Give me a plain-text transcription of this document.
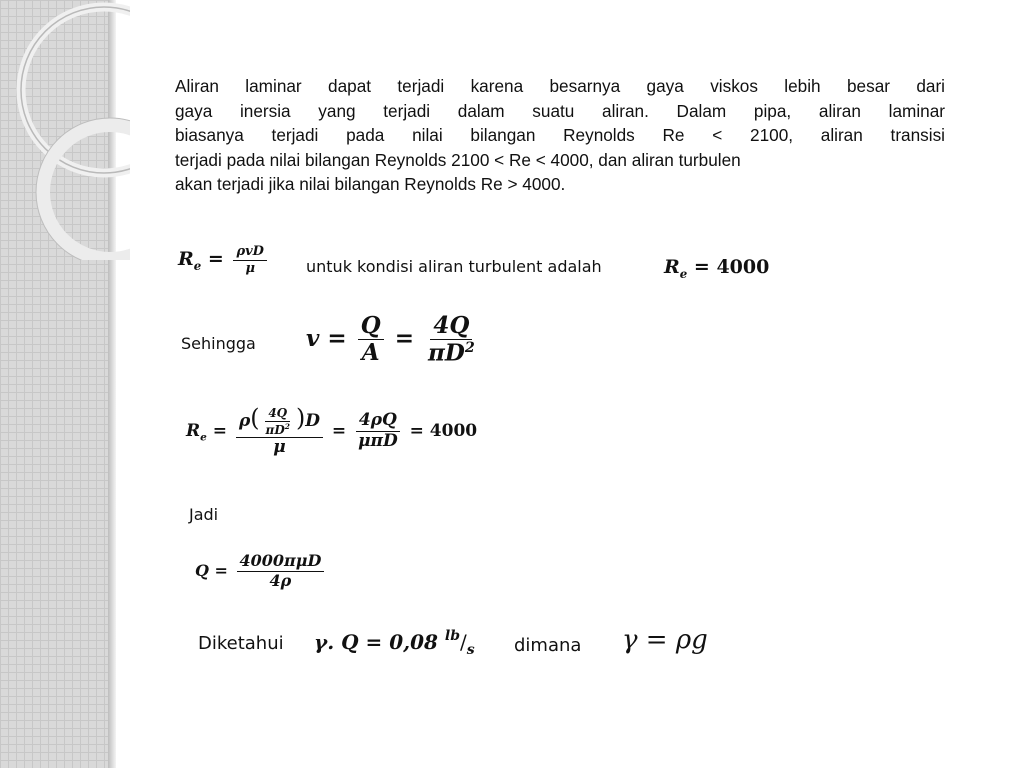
Aliran laminar dapat terjadi karena besarnya gaya viskos lebih besar dari
gaya inersia yang terjadi dalam suatu aliran. Dalam pipa, aliran laminar
biasanya terjadi pada nilai bilangan Reynolds Re < 2100, aliran transisi
terjadi pada nilai bilangan Reynolds 2100 < Re < 4000, dan aliran turbulen
akan terjadi jika nilai bilangan Reynolds Re > 4000.

$R_e = \frac{\text{ρvD}}{\mu}$ untuk kondisi aliran turbulent adalah	$R_e = 4000$
Sehingga $v = \frac{Q}{A} = \frac{4Q}{\pi D^2}$
$R_e = \frac{\rho( \frac{4Q}{\pi D^2} )D}{\mu} = \frac{4\rho Q}{\text{μπD}} = 4000$
Jadi
$Q = \frac{\text{4000πμD}}{4\rho}$
Diketahui γ. Q = 0,08 $^{lb}/_s$ dimana γ = ρg
